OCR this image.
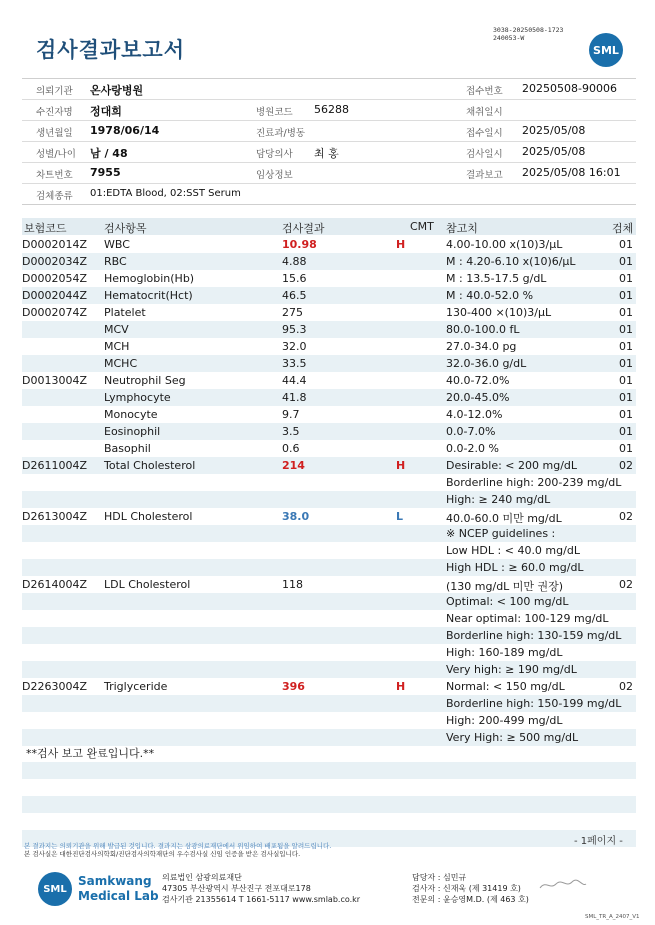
검사결과보고서
3038-20250508-1723
240053-W
SML
의뢰기관 온사랑병원	접수번호 20250508-90006
수진자명 정대희	병원코드 56288	채취일시
생년월일 1978/06/14	진료과/병동	접수일시 2025/05/08
성별/나이 남 / 48	담당의사 최 홍	검사일시 2025/05/08
차트번호 7955	임상정보	결과보고 2025/05/08 16:01
검체종류 01:EDTA Blood, 02:SST Serum
보험코드	검사항목	검사결과	CMT 참고치	검체
D0002014Z WBC	10.98	H	4.00-10.00 x(10)3/μL	01
D0002034Z RBC	4.88	M : 4.20-6.10 x(10)6/μL	01
D0002054Z Hemoglobin(Hb)	15.6	M : 13.5-17.5 g/dL	01
D0002044Z Hematocrit(Hct)	46.5	M : 40.0-52.0 %	01
D0002074Z Platelet	275	130-400 ×(10)3/μL	01
MCV	95.3	80.0-100.0 fL	01
MCH	32.0	27.0-34.0 pg	01
MCHC	33.5	32.0-36.0 g/dL	01
D0013004Z Neutrophil Seg	44.4	40.0-72.0%	01
Lymphocyte	41.8	20.0-45.0%	01
Monocyte	9.7	4.0-12.0%	01
Eosinophil	3.5	0.0-7.0%	01
Basophil	0.6	0.0-2.0 %	01
D2611004Z Total Cholesterol	214	H	Desirable: < 200 mg/dL	02
Borderline high: 200-239 mg/dL
High: ≥ 240 mg/dL
D2613004Z HDL Cholesterol	38.0	L	40.0-60.0 미만 mg/dL	02
※ NCEP guidelines :
Low HDL : < 40.0 mg/dL
High HDL : ≥ 60.0 mg/dL
D2614004Z LDL Cholesterol	118	(130 mg/dL 미만 권장)	02
Optimal: < 100 mg/dL
Near optimal: 100-129 mg/dL
Borderline high: 130-159 mg/dL
High: 160-189 mg/dL
Very high: ≥ 190 mg/dL
D2263004Z Triglyceride	396	H	Normal: < 150 mg/dL	02
Borderline high: 150-199 mg/dL
High: 200-499 mg/dL
Very High: ≥ 500 mg/dL
**검사 보고 완료입니다.**
- 1페이지 -
본 결과지는 의뢰기관을 위해 발급된 것입니다. 결과지는 삼광의료재단에서 위임하여 배포됨을 알려드립니다.
본 검사실은 대한진단검사의학회/진단검사의학재단의 우수검사실 신임 인증을 받은 검사실입니다.
SML
Samkwang
Medical Lab
의료법인 삼광의료재단
47305 부산광역시 부산진구 전포대로178
검사기관 21355614 T 1661-5117 www.smlab.co.kr
담당자 : 심민규
검사자 : 신재욱 (제 31419 호)
전문의 : 윤승영M.D. (제 463 호)
SML_TR_A_2407_V1
